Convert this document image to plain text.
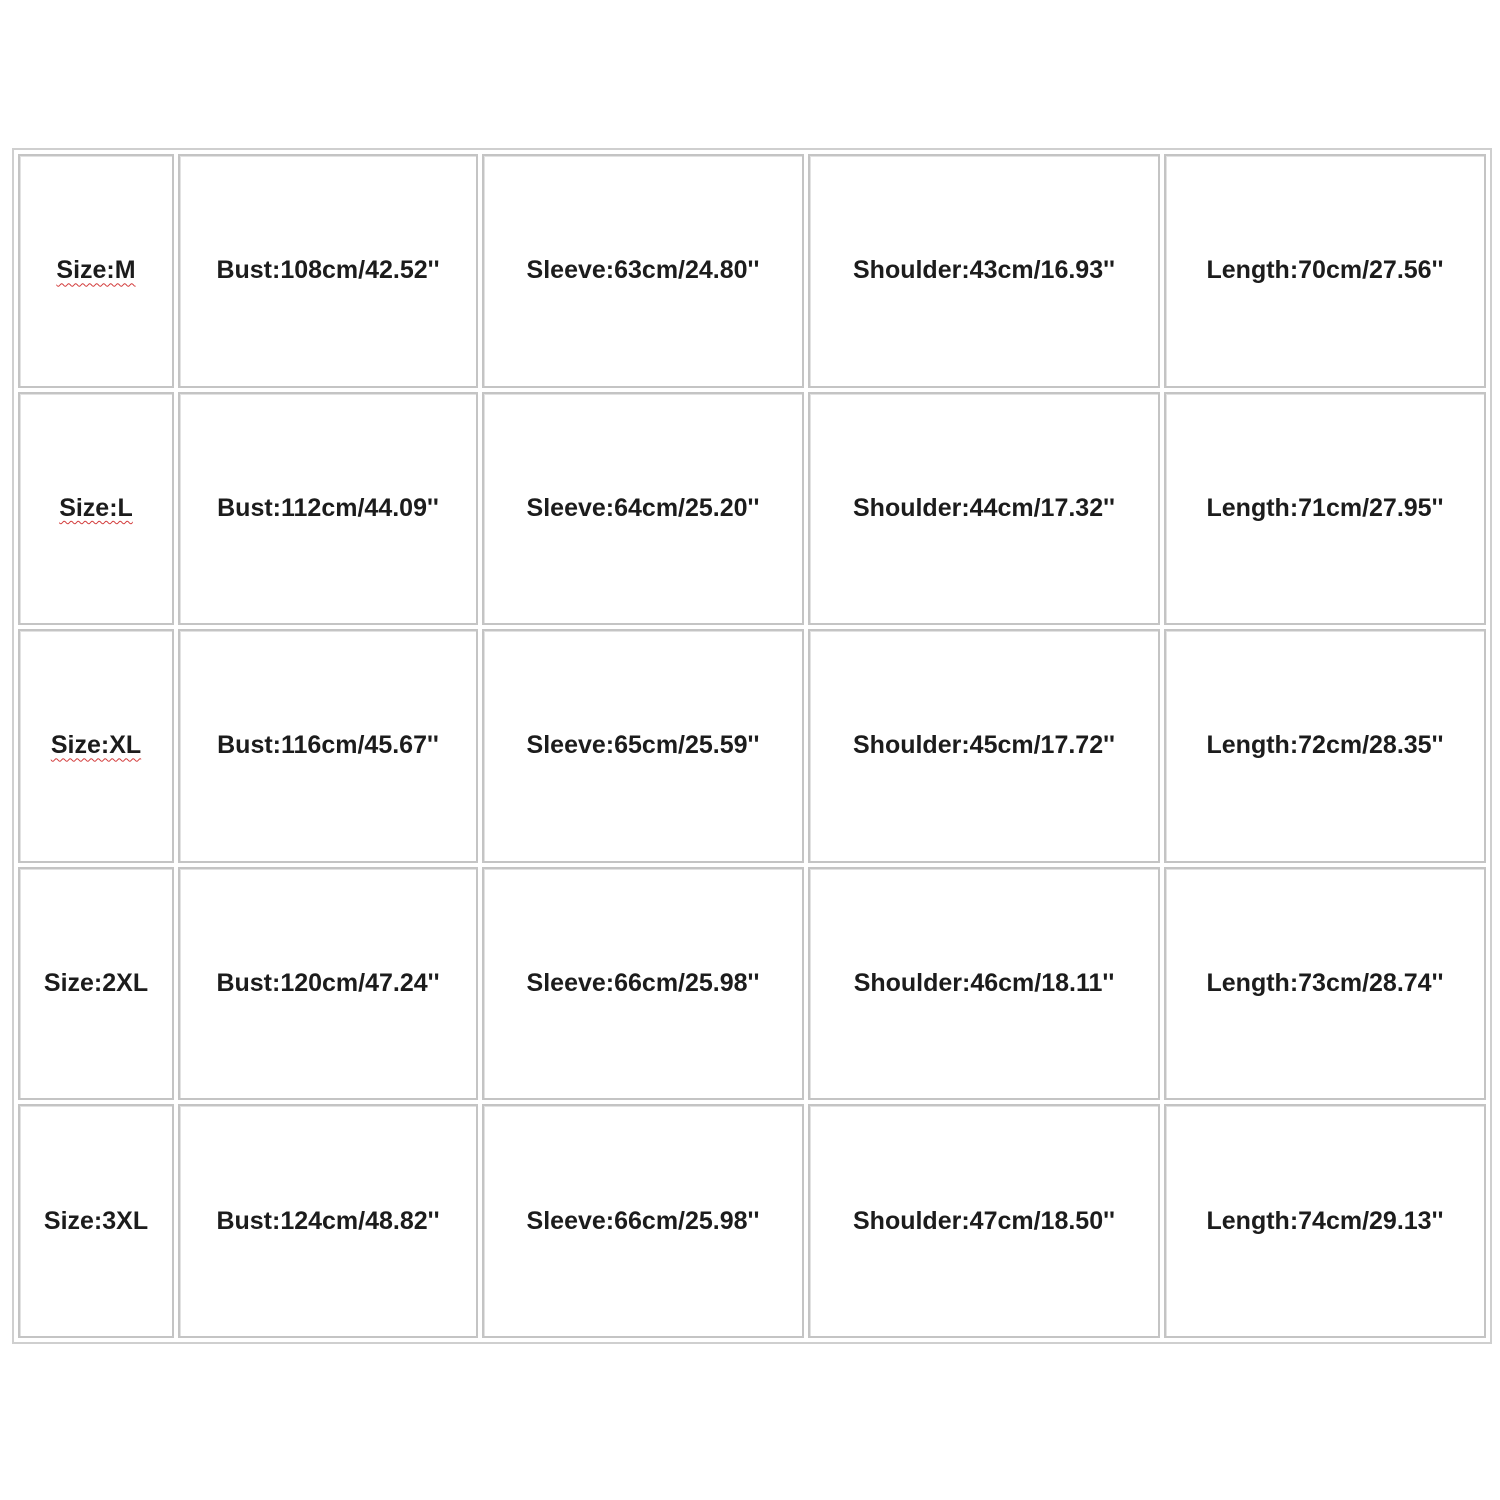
Size:M	Bust:108cm/42.52''	Sleeve:63cm/24.80''	Shoulder:43cm/16.93''	Length:70cm/27.56''
Size:L	Bust:112cm/44.09''	Sleeve:64cm/25.20''	Shoulder:44cm/17.32''	Length:71cm/27.95''
Size:XL	Bust:116cm/45.67''	Sleeve:65cm/25.59''	Shoulder:45cm/17.72''	Length:72cm/28.35''
Size:2XL	Bust:120cm/47.24''	Sleeve:66cm/25.98''	Shoulder:46cm/18.11''	Length:73cm/28.74''
Size:3XL	Bust:124cm/48.82''	Sleeve:66cm/25.98''	Shoulder:47cm/18.50''	Length:74cm/29.13''
